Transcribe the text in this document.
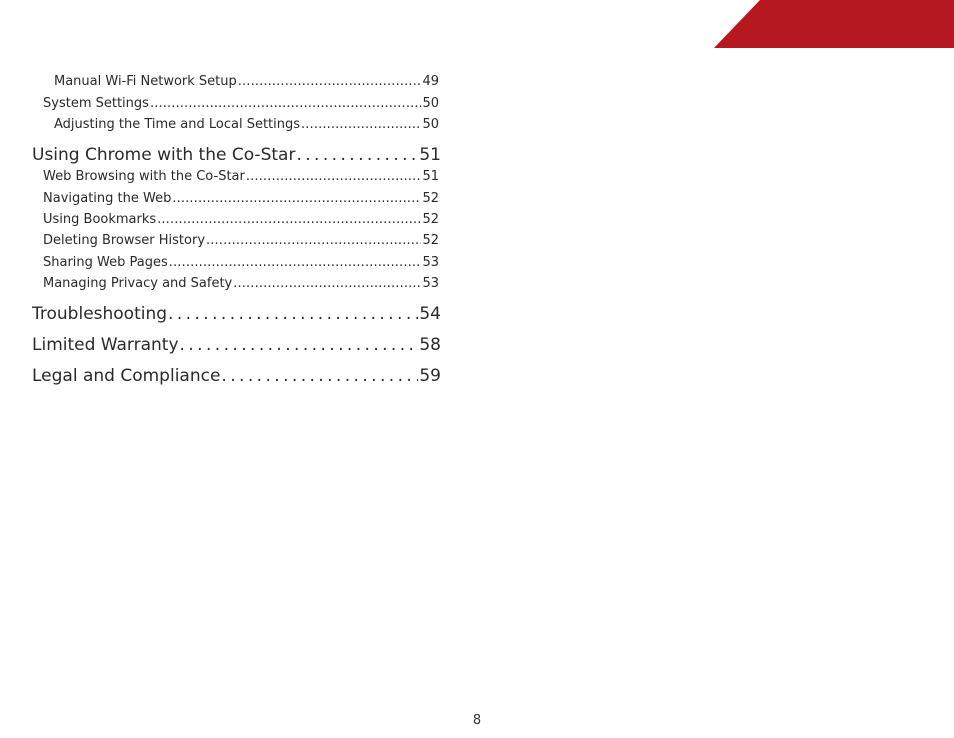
Manual Wi-Fi Network Setup . . .	49
System Settings . . .	50
Adjusting the Time and Local Settings . . .	50
Using Chrome with the Co-Star . . .	51
Web Browsing with the Co-Star . . .	51
Navigating the Web . . .	52
Using Bookmarks . . .	52
Deleting Browser History . . .	52
Sharing Web Pages . . .	53
Managing Privacy and Safety . . .	53
Troubleshooting . . .	54
Limited Warranty . . .	58
Legal and Compliance . . .	59
8
